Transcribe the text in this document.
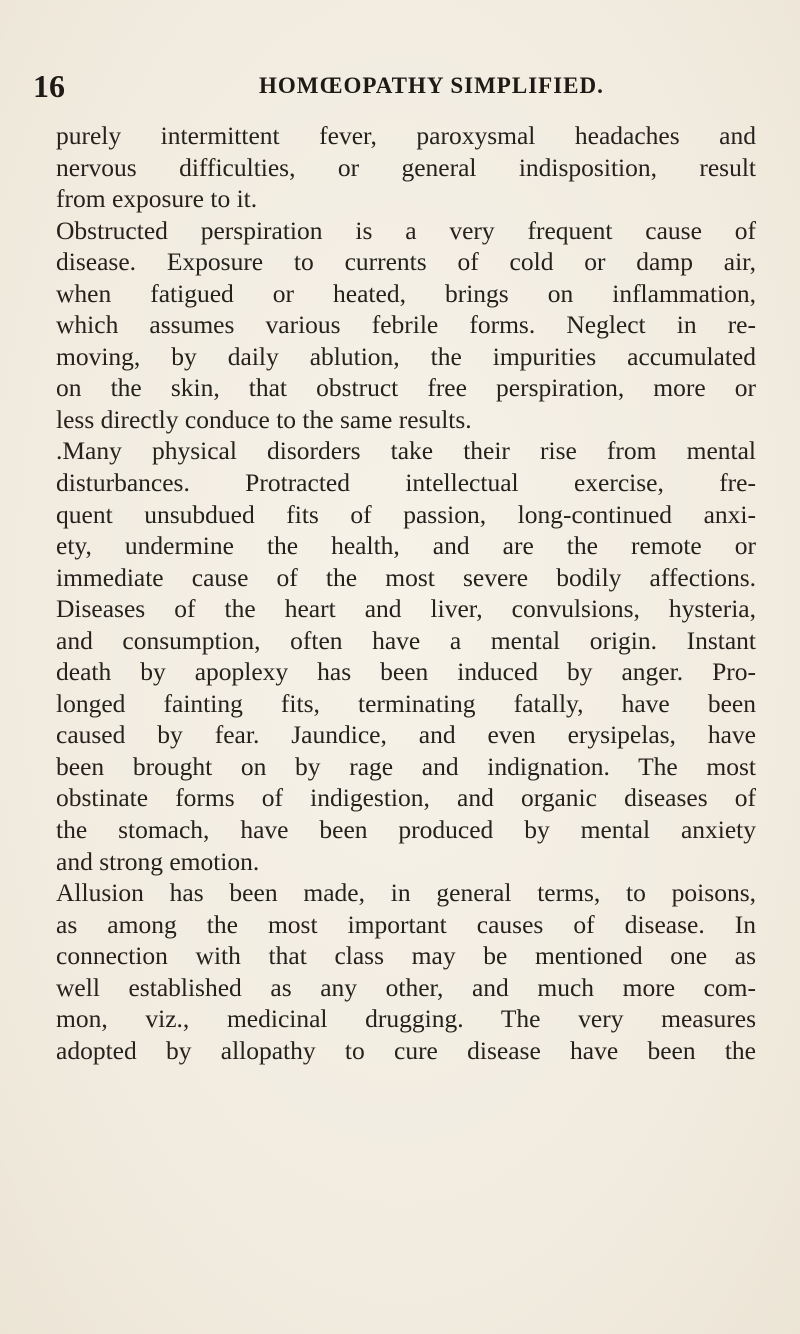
16	HOMŒOPATHY SIMPLIFIED.
purely intermittent fever, paroxysmal headaches and
nervous difficulties, or general indisposition, result
from exposure to it.
Obstructed perspiration is a very frequent cause of
disease. Exposure to currents of cold or damp air,
when fatigued or heated, brings on inflammation,
which assumes various febrile forms. Neglect in re-
moving, by daily ablution, the impurities accumulated
on the skin, that obstruct free perspiration, more or
less directly conduce to the same results.
.Many physical disorders take their rise from mental
disturbances. Protracted intellectual exercise, fre-
quent unsubdued fits of passion, long-continued anxi-
ety, undermine the health, and are the remote or
immediate cause of the most severe bodily affections.
Diseases of the heart and liver, convulsions, hysteria,
and consumption, often have a mental origin. Instant
death by apoplexy has been induced by anger. Pro-
longed fainting fits, terminating fatally, have been
caused by fear. Jaundice, and even erysipelas, have
been brought on by rage and indignation. The most
obstinate forms of indigestion, and organic diseases of
the stomach, have been produced by mental anxiety
and strong emotion.
Allusion has been made, in general terms, to poisons,
as among the most important causes of disease. In
connection with that class may be mentioned one as
well established as any other, and much more com-
mon, viz., medicinal drugging. The very measures
adopted by allopathy to cure disease have been the
